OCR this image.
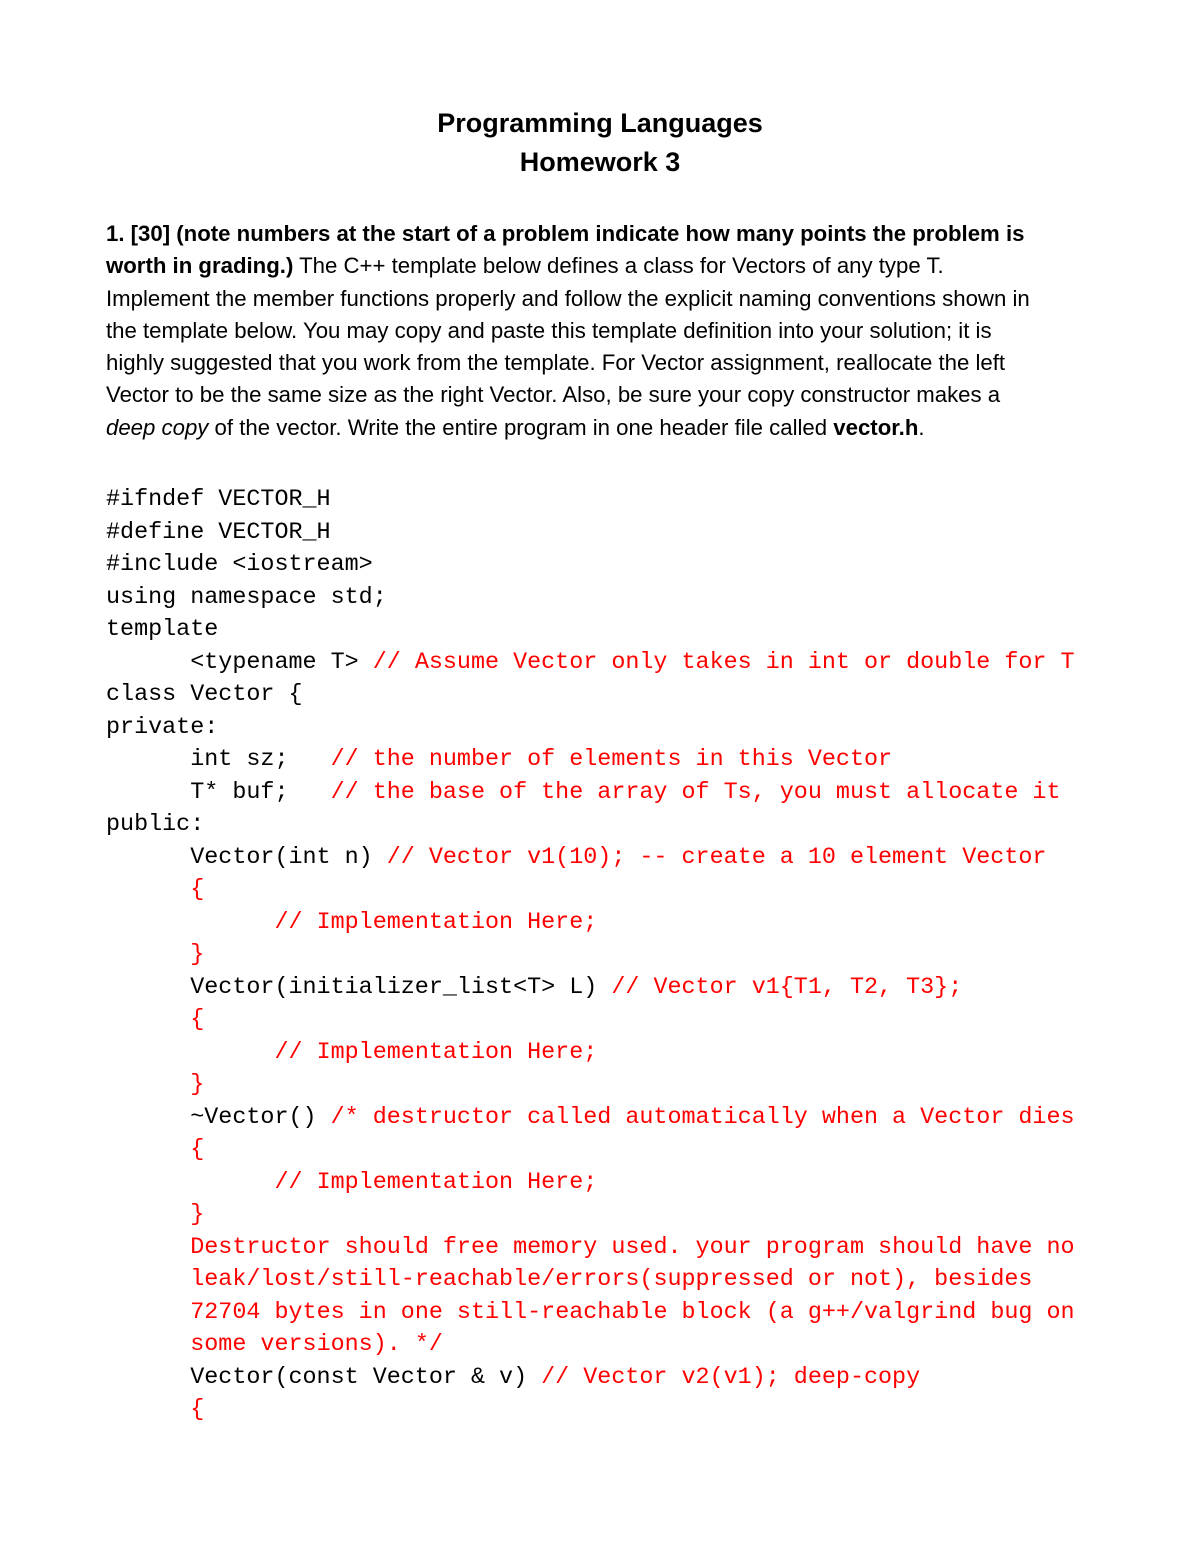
Programming Languages
Homework 3
1. [30] (note numbers at the start of a problem indicate how many points the problem is
worth in grading.) The C++ template below defines a class for Vectors of any type T.
Implement the member functions properly and follow the explicit naming conventions shown in
the template below. You may copy and paste this template definition into your solution; it is
highly suggested that you work from the template. For Vector assignment, reallocate the left
Vector to be the same size as the right Vector. Also, be sure your copy constructor makes a
deep copy of the vector. Write the entire program in one header file called vector.h.
#ifndef VECTOR_H
#define VECTOR_H
#include <iostream>
using namespace std;
template
<typename T> // Assume Vector only takes in int or double for T
class Vector {
private:
int sz;   // the number of elements in this Vector
T* buf;   // the base of the array of Ts, you must allocate it
public:
Vector(int n) // Vector v1(10); -- create a 10 element Vector
{
// Implementation Here;
}
Vector(initializer_list<T> L) // Vector v1{T1, T2, T3};
{
// Implementation Here;
}
~Vector() /* destructor called automatically when a Vector dies
{
// Implementation Here;
}
Destructor should free memory used. your program should have no
leak/lost/still-reachable/errors(suppressed or not), besides
72704 bytes in one still-reachable block (a g++/valgrind bug on
some versions). */
Vector(const Vector & v) // Vector v2(v1); deep-copy
{
